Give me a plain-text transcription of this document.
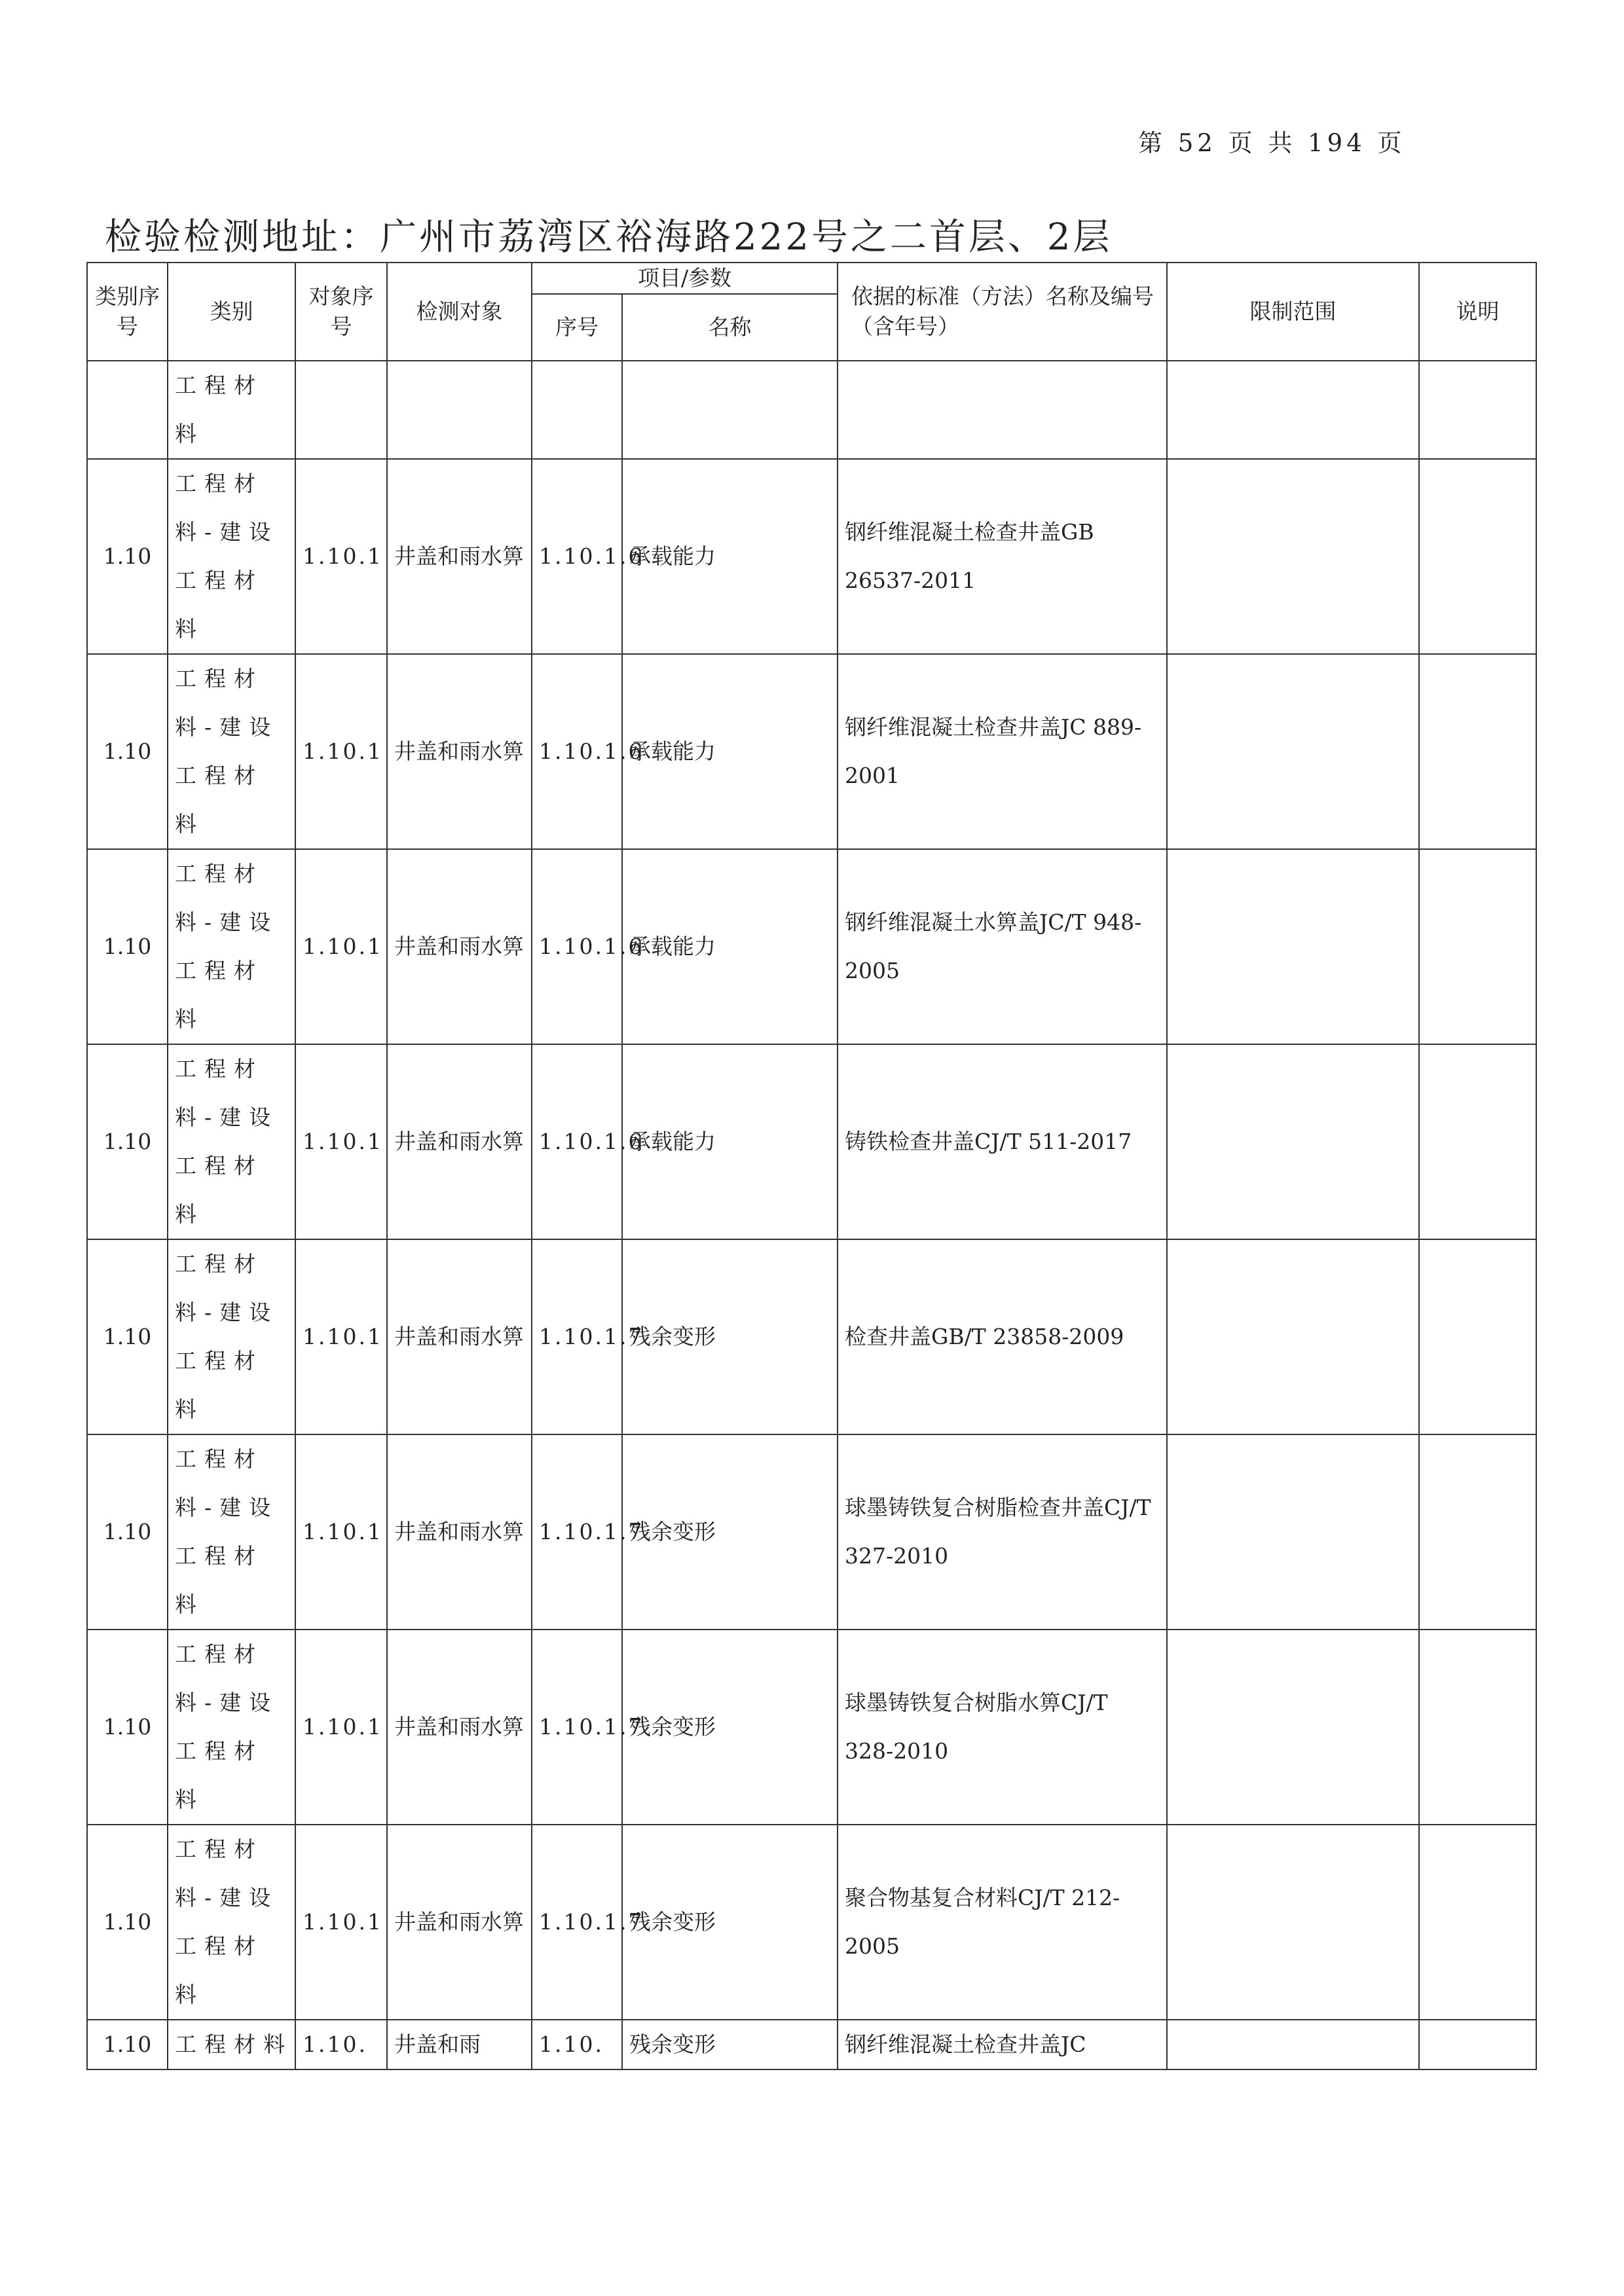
第 52 页 共 194 页
检验检测地址：广州市荔湾区裕海路222号之二首层、2层
类别序号	类别	对象序号	检测对象	项目/参数		依据的标准（方法）名称及编号（含年号）	限制范围	说明
				序号	名称			
	工程材料							
1.10	工程材料-建设工程材料	1.10.1	井盖和雨水箅	1.10.1.6	承载能力	钢纤维混凝土检查井盖GB 26537-2011		
1.10	工程材料-建设工程材料	1.10.1	井盖和雨水箅	1.10.1.6	承载能力	钢纤维混凝土检查井盖JC 889-2001		
1.10	工程材料-建设工程材料	1.10.1	井盖和雨水箅	1.10.1.6	承载能力	钢纤维混凝土水箅盖JC/T 948-2005		
1.10	工程材料-建设工程材料	1.10.1	井盖和雨水箅	1.10.1.6	承载能力	铸铁检查井盖CJ/T 511-2017		
1.10	工程材料-建设工程材料	1.10.1	井盖和雨水箅	1.10.1.7	残余变形	检查井盖GB/T 23858-2009		
1.10	工程材料-建设工程材料	1.10.1	井盖和雨水箅	1.10.1.7	残余变形	球墨铸铁复合树脂检查井盖CJ/T 327-2010		
1.10	工程材料-建设工程材料	1.10.1	井盖和雨水箅	1.10.1.7	残余变形	球墨铸铁复合树脂水箅CJ/T 328-2010		
1.10	工程材料-建设工程材料	1.10.1	井盖和雨水箅	1.10.1.7	残余变形	聚合物基复合材料CJ/T 212-2005		
1.10	工程材料	1.10.	井盖和雨	1.10.	残余变形	钢纤维混凝土检查井盖JC		
